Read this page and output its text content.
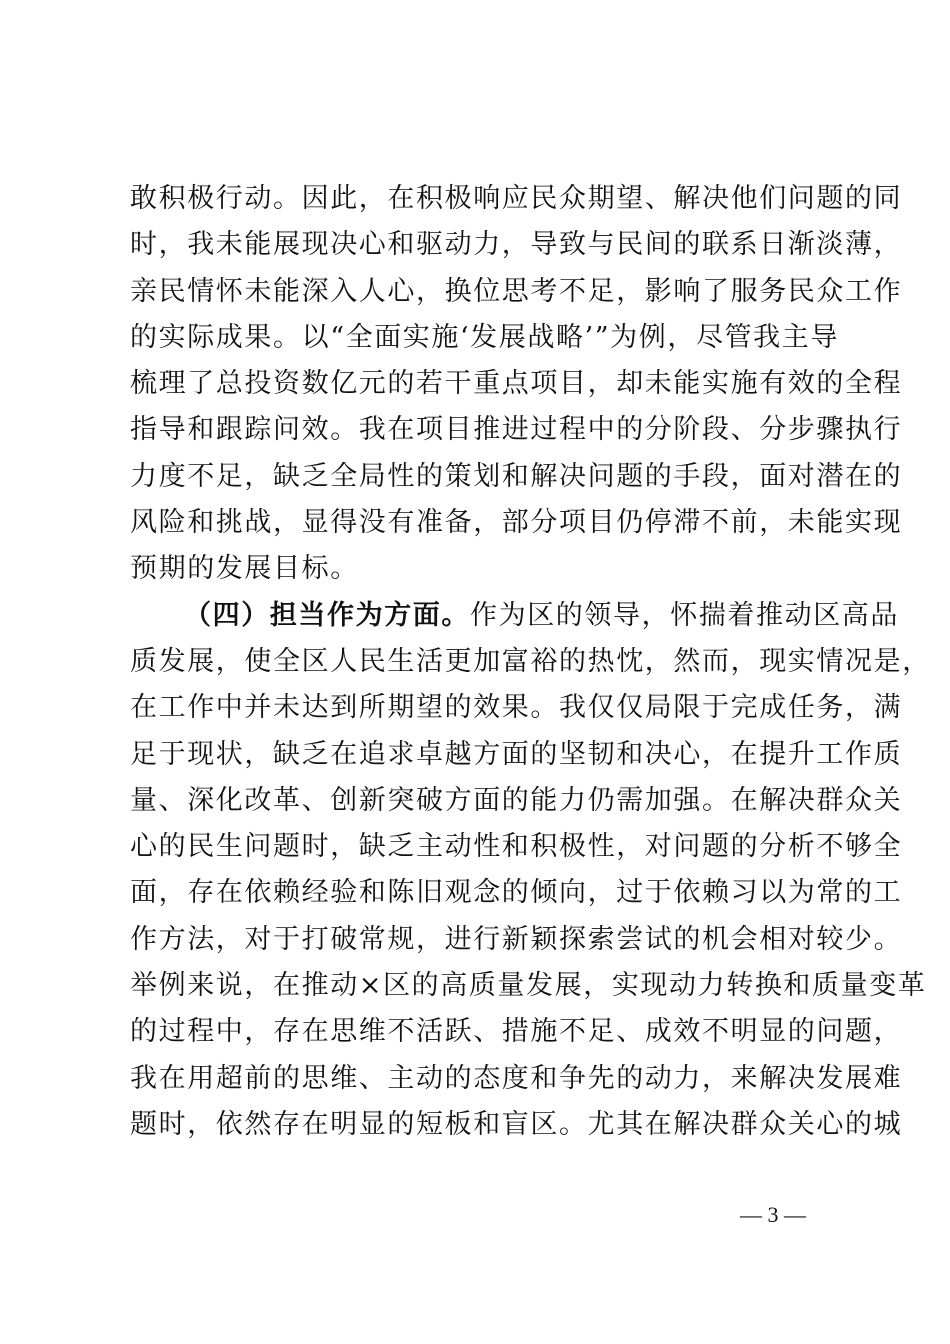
敢积极行动。因此，在积极响应民众期望、解决他们问题的同
时，我未能展现决心和驱动力，导致与民间的联系日渐淡薄，
亲民情怀未能深入人心，换位思考不足，影响了服务民众工作
的实际成果。以“全面实施‘发展战略’”为例，尽管我主导
梳理了总投资数亿元的若干重点项目，却未能实施有效的全程
指导和跟踪问效。我在项目推进过程中的分阶段、分步骤执行
力度不足，缺乏全局性的策划和解决问题的手段，面对潜在的
风险和挑战，显得没有准备，部分项目仍停滞不前，未能实现
预期的发展目标。
（四）担当作为方面。作为区的领导，怀揣着推动区高品
质发展，使全区人民生活更加富裕的热忱，然而，现实情况是，
在工作中并未达到所期望的效果。我仅仅局限于完成任务，满
足于现状，缺乏在追求卓越方面的坚韧和决心，在提升工作质
量、深化改革、创新突破方面的能力仍需加强。在解决群众关
心的民生问题时，缺乏主动性和积极性，对问题的分析不够全
面，存在依赖经验和陈旧观念的倾向，过于依赖习以为常的工
作方法，对于打破常规，进行新颖探索尝试的机会相对较少。
举例来说，在推动×区的高质量发展，实现动力转换和质量变革
的过程中，存在思维不活跃、措施不足、成效不明显的问题，
我在用超前的思维、主动的态度和争先的动力，来解决发展难
题时，依然存在明显的短板和盲区。尤其在解决群众关心的城
— 3 —
